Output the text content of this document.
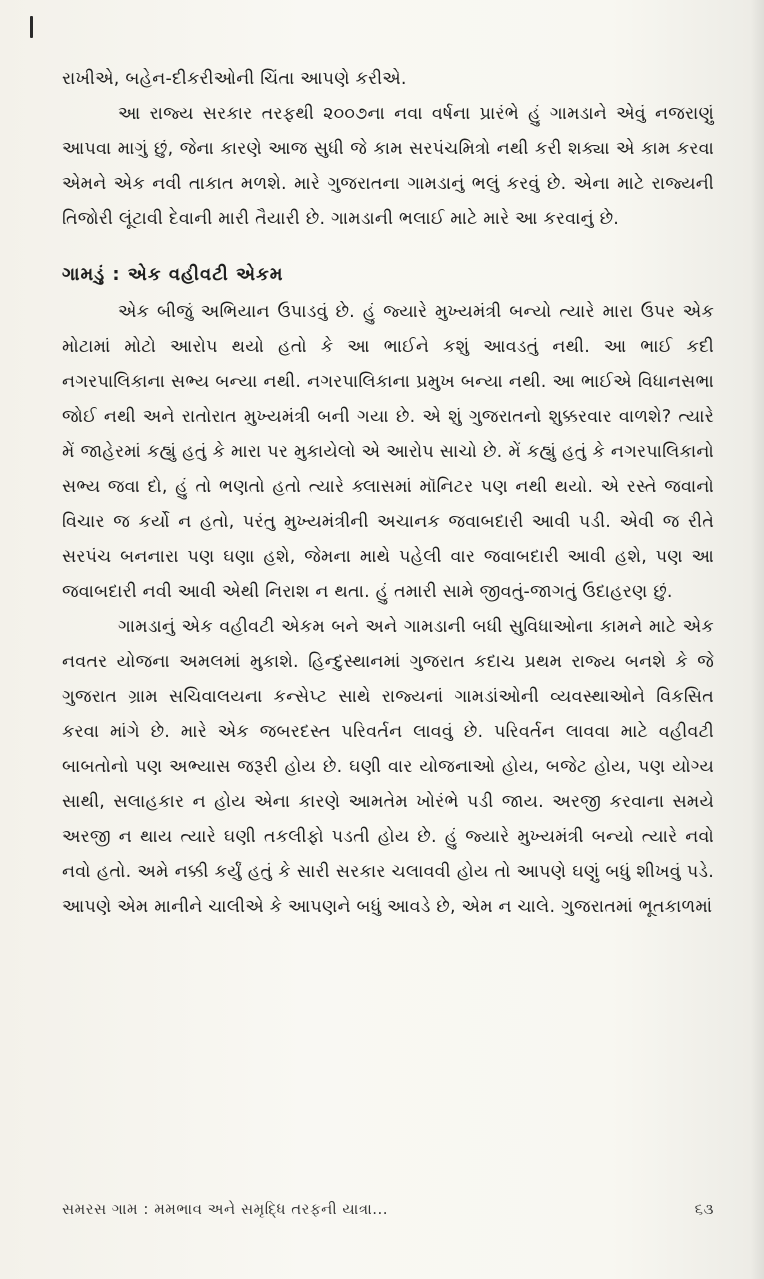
રાખીએ, બહેન-દીકરીઓની ચિંતા આપણે કરીએ.

આ રાજ્ય સરકાર તરફથી ૨૦૦૭ના નવા વર્ષના પ્રારંભે હું ગામડાને એવું નજરાણું આપવા માગું છું, જેના કારણે આજ સુધી જે કામ સરપંચમિત્રો નથી કરી શક્યા એ કામ કરવા એમને એક નવી તાકાત મળશે. મારે ગુજરાતના ગામડાનું ભલું કરવું છે. એના માટે રાજ્યની તિજોરી લૂંટાવી દેવાની મારી તૈયારી છે. ગામડાની ભલાઈ માટે મારે આ કરવાનું છે.

ગામડું : એક વહીવટી એકમ

એક બીજું અભિયાન ઉપાડવું છે. હું જ્યારે મુખ્યમંત્રી બન્યો ત્યારે મારા ઉપર એક મોટામાં મોટો આરોપ થયો હતો કે આ ભાઈને કશું આવડતું નથી. આ ભાઈ કદી નગરપાલિકાના સભ્ય બન્યા નથી. નગરપાલિકાના પ્રમુખ બન્યા નથી. આ ભાઈએ વિધાનસભા જોઈ નથી અને રાતોરાત મુખ્યમંત્રી બની ગયા છે. એ શું ગુજરાતનો શુક્કરવાર વાળશે? ત્યારે મેં જાહેરમાં કહ્યું હતું કે મારા પર મુકાયેલો એ આરોપ સાચો છે. મેં કહ્યું હતું કે નગરપાલિકાનો સભ્ય જવા દો, હું તો ભણતો હતો ત્યારે ક્લાસમાં મૉનિટર પણ નથી થયો. એ રસ્તે જવાનો વિચાર જ કર્યો ન હતો, પરંતુ મુખ્યમંત્રીની અચાનક જવાબદારી આવી પડી. એવી જ રીતે સરપંચ બનનારા પણ ઘણા હશે, જેમના માથે પહેલી વાર જવાબદારી આવી હશે, પણ આ જવાબદારી નવી આવી એથી નિરાશ ન થતા. હું તમારી સામે જીવતું-જાગતું ઉદાહરણ છું.

ગામડાનું એક વહીવટી એકમ બને અને ગામડાની બધી સુવિધાઓના કામને માટે એક નવતર યોજના અમલમાં મુકાશે. હિન્દુસ્થાનમાં ગુજરાત કદાચ પ્રથમ રાજ્ય બનશે કે જે ગુજરાત ગ્રામ સચિવાલયના કન્સેપ્ટ સાથે રાજ્યનાં ગામડાંઓની વ્યવસ્થાઓને વિકસિત કરવા માંગે છે. મારે એક જબરદસ્ત પરિવર્તન લાવવું છે. પરિવર્તન લાવવા માટે વહીવટી બાબતોનો પણ અભ્યાસ જરૂરી હોય છે. ઘણી વાર યોજનાઓ હોય, બજેટ હોય, પણ યોગ્ય સાથી, સલાહકાર ન હોય એના કારણે આમતેમ ખોરંભે પડી જાય. અરજી કરવાના સમયે અરજી ન થાય ત્યારે ઘણી તકલીફો પડતી હોય છે. હું જ્યારે મુખ્યમંત્રી બન્યો ત્યારે નવો નવો હતો. અમે નક્કી કર્યું હતું કે સારી સરકાર ચલાવવી હોય તો આપણે ઘણું બધું શીખવું પડે. આપણે એમ માનીને ચાલીએ કે આપણને બધું આવડે છે, એમ ન ચાલે. ગુજરાતમાં ભૂતકાળમાં

સમરસ ગામ : મમભાવ અને સમૃદ્ધિ તરફની યાત્રા...	૬૩
